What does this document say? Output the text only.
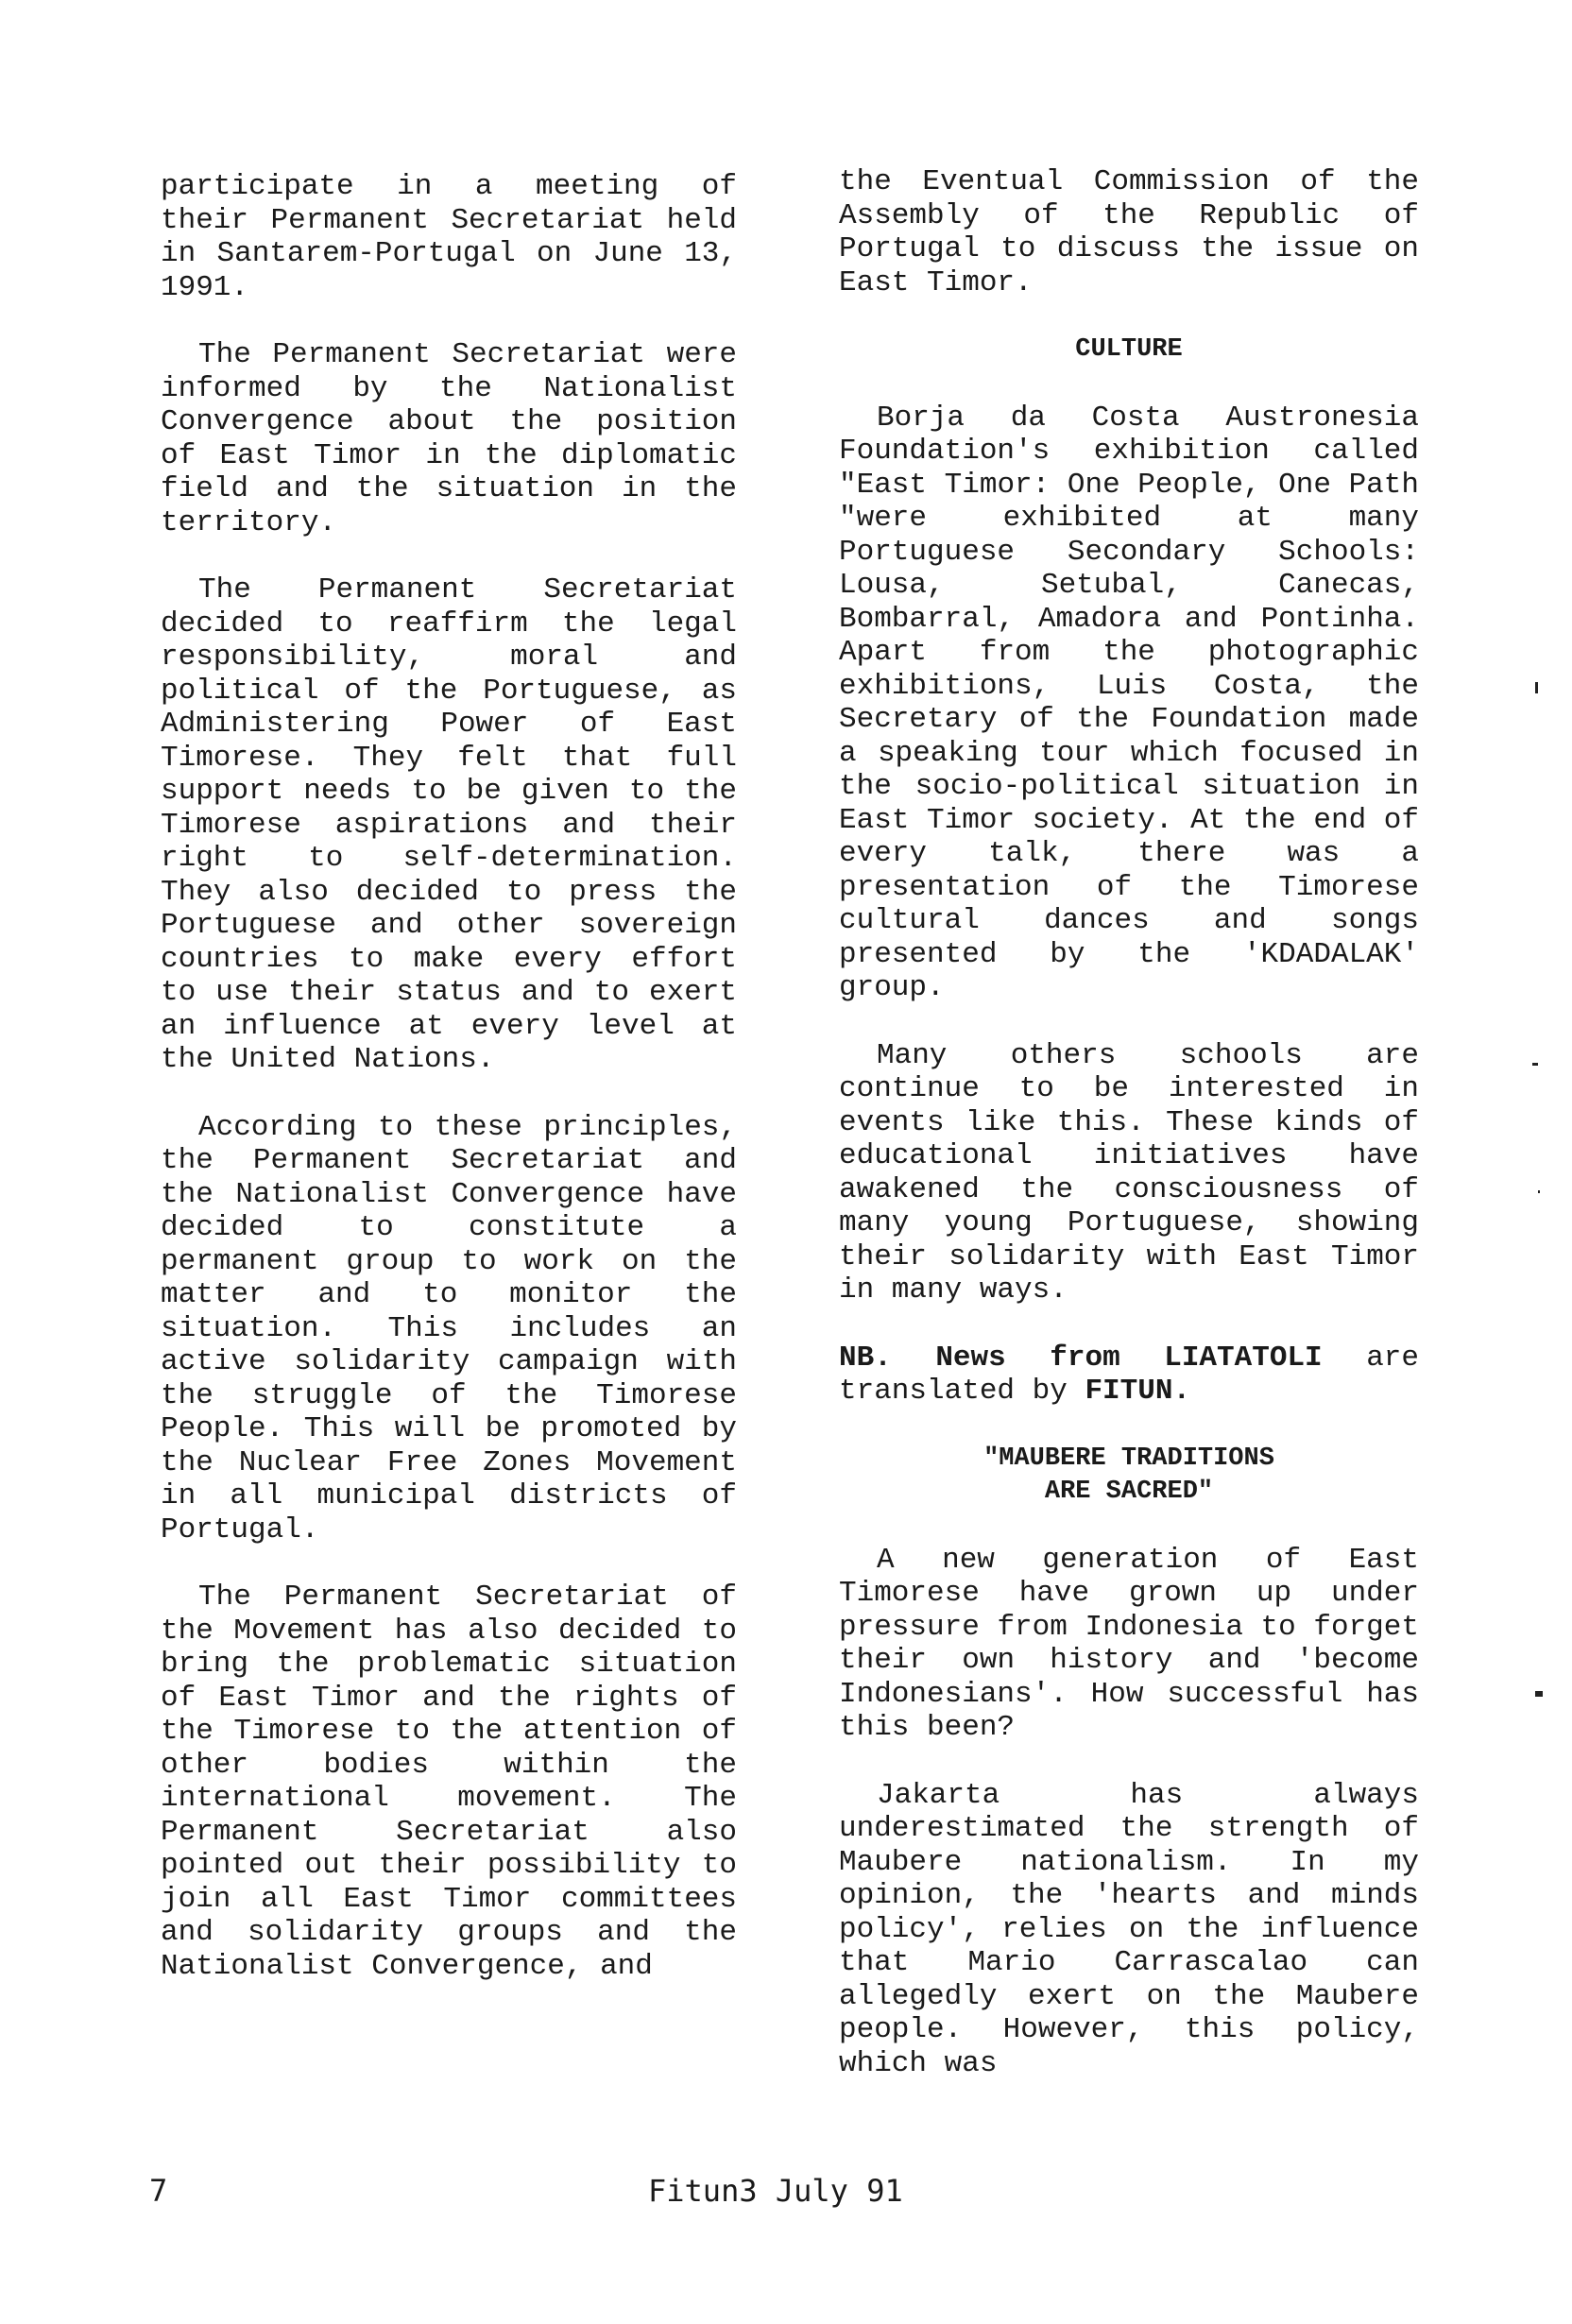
participate in a meeting of their Permanent Secretariat held in Santarem-Portugal on June 13, 1991.

The Permanent Secretariat were informed by the Nationalist Convergence about the position of East Timor in the diplomatic field and the situation in the territory.

The Permanent Secretariat decided to reaffirm the legal responsibility, moral and political of the Portuguese, as Administering Power of East Timorese. They felt that full support needs to be given to the Timorese aspirations and their right to self-determination. They also decided to press the Portuguese and other sovereign countries to make every effort to use their status and to exert an influence at every level at the United Nations.

According to these principles, the Permanent Secretariat and the Nationalist Convergence have decided to constitute a permanent group to work on the matter and to monitor the situation. This includes an active solidarity campaign with the struggle of the Timorese People. This will be promoted by the Nuclear Free Zones Movement in all municipal districts of Portugal.

The Permanent Secretariat of the Movement has also decided to bring the problematic situation of East Timor and the rights of the Timorese to the attention of other bodies within the international movement. The Permanent Secretariat also pointed out their possibility to join all East Timor committees and solidarity groups and the Nationalist Convergence, and

the Eventual Commission of the Assembly of the Republic of Portugal to discuss the issue on East Timor.

CULTURE

Borja da Costa Austronesia Foundation's exhibition called "East Timor: One People, One Path "were exhibited at many Portuguese Secondary Schools: Lousa, Setubal, Canecas, Bombarral, Amadora and Pontinha. Apart from the photographic exhibitions, Luis Costa, the Secretary of the Foundation made a speaking tour which focused in the socio-political situation in East Timor society. At the end of every talk, there was a presentation of the Timorese cultural dances and songs presented by the 'KDADALAK' group.

Many others schools are continue to be interested in events like this. These kinds of educational initiatives have awakened the consciousness of many young Portuguese, showing their solidarity with East Timor in many ways.

NB. News from LIATATOLI are translated by FITUN.

"MAUBERE TRADITIONS
ARE SACRED"

A new generation of East Timorese have grown up under pressure from Indonesia to forget their own history and 'become Indonesians'. How successful has this been?

Jakarta has always underestimated the strength of Maubere nationalism. In my opinion, the 'hearts and minds policy', relies on the influence that Mario Carrascalao can allegedly exert on the Maubere people. However, this policy, which was

7	Fitun3 July 91
